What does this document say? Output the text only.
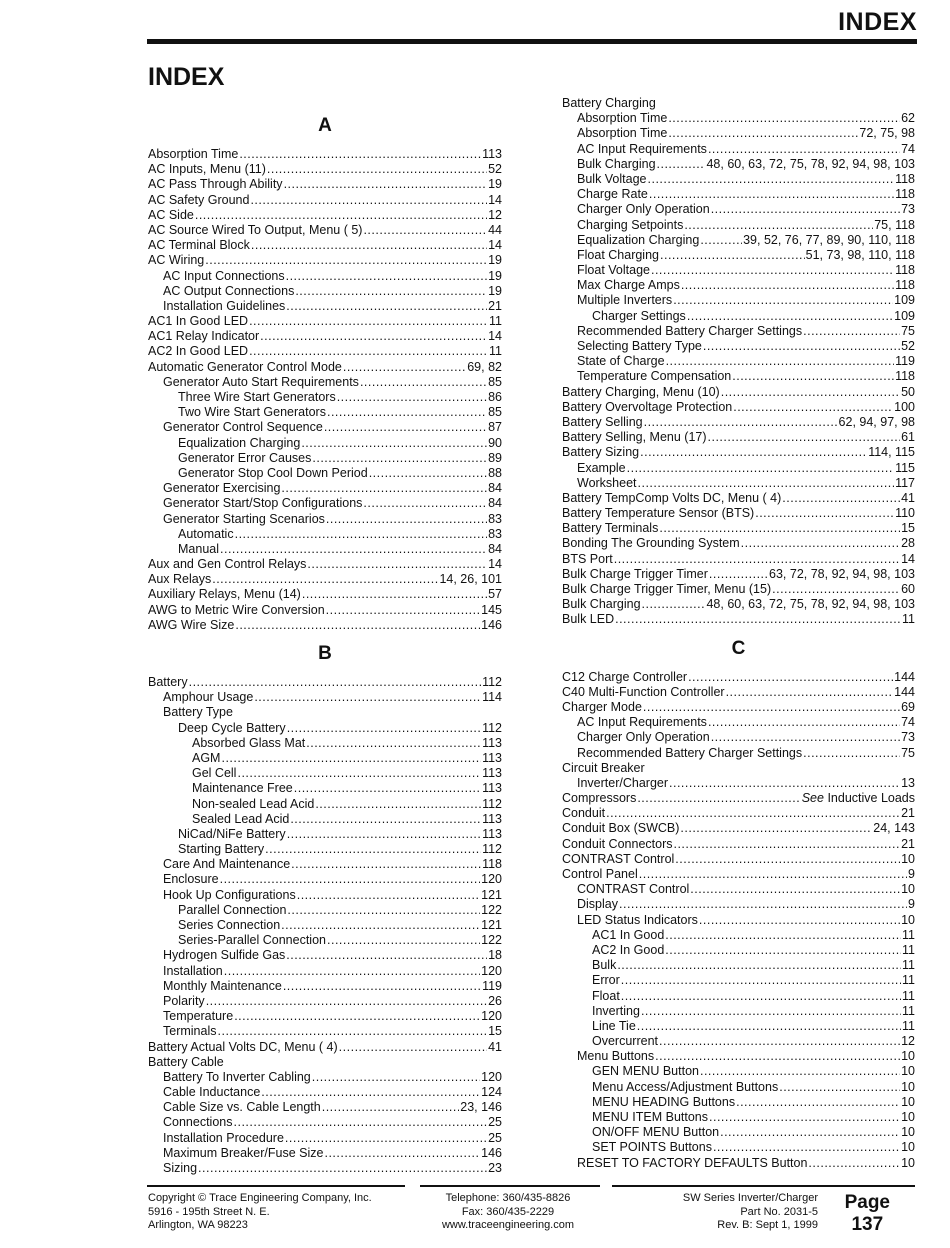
INDEX
INDEX
A
Absorption Time .....	113
AC Inputs, Menu (11) .....	52
AC Pass Through Ability .....	19
AC Safety Ground .....	14
AC Side .....	12
AC Source Wired To Output, Menu ( 5) .....	44
AC Terminal Block .....	14
AC Wiring .....	19
AC Input Connections .....	19
AC Output Connections .....	19
Installation Guidelines .....	21
AC1 In Good LED .....	11
AC1 Relay Indicator .....	14
AC2 In Good LED .....	11
Automatic Generator Control Mode .....	69, 82
Generator Auto Start Requirements .....	85
Three Wire Start Generators .....	86
Two Wire Start Generators .....	85
Generator Control Sequence .....	87
Equalization Charging .....	90
Generator Error Causes .....	89
Generator Stop Cool Down Period .....	88
Generator Exercising .....	84
Generator Start/Stop Configurations .....	84
Generator Starting Scenarios .....	83
Automatic .....	83
Manual .....	84
Aux and Gen Control Relays .....	14
Aux Relays .....	14, 26, 101
Auxiliary Relays, Menu (14) .....	57
AWG to Metric Wire Conversion .....	145
AWG Wire Size .....	146
B
Battery .....	112
Amphour Usage .....	114
Battery Type
Deep Cycle Battery .....	112
Absorbed Glass Mat .....	113
AGM .....	113
Gel Cell .....	113
Maintenance Free .....	113
Non-sealed Lead Acid .....	112
Sealed Lead Acid .....	113
NiCad/NiFe Battery .....	113
Starting Battery .....	112
Care And Maintenance .....	118
Enclosure .....	120
Hook Up Configurations .....	121
Parallel Connection .....	122
Series Connection .....	121
Series-Parallel Connection .....	122
Hydrogen Sulfide Gas .....	18
Installation .....	120
Monthly Maintenance .....	119
Polarity .....	26
Temperature .....	120
Terminals .....	15
Battery Actual Volts DC, Menu ( 4) .....	41
Battery Cable
Battery To Inverter Cabling .....	120
Cable Inductance .....	124
Cable Size vs. Cable Length .....	23, 146
Connections .....	25
Installation Procedure .....	25
Maximum Breaker/Fuse Size .....	146
Sizing .....	23
Battery Charging
Absorption Time .....	62
Absorption Time .....	72, 75, 98
AC Input Requirements .....	74
Bulk Charging .....	48, 60, 63, 72, 75, 78, 92, 94, 98, 103
Bulk Voltage .....	118
Charge Rate .....	118
Charger Only Operation .....	73
Charging Setpoints .....	75, 118
Equalization Charging .....	39, 52, 76, 77, 89, 90, 110, 118
Float Charging .....	51, 73, 98, 110, 118
Float Voltage .....	118
Max Charge Amps .....	118
Multiple Inverters .....	109
Charger Settings .....	109
Recommended Battery Charger Settings .....	75
Selecting Battery Type .....	52
State of Charge .....	119
Temperature Compensation .....	118
Battery Charging, Menu (10) .....	50
Battery Overvoltage Protection .....	100
Battery Selling .....	62, 94, 97, 98
Battery Selling, Menu (17) .....	61
Battery Sizing .....	114, 115
Example .....	115
Worksheet .....	117
Battery TempComp Volts DC, Menu ( 4) .....	41
Battery Temperature Sensor (BTS) .....	110
Battery Terminals .....	15
Bonding The Grounding System .....	28
BTS Port .....	14
Bulk Charge Trigger Timer .....	63, 72, 78, 92, 94, 98, 103
Bulk Charge Trigger Timer, Menu (15) .....	60
Bulk Charging .....	48, 60, 63, 72, 75, 78, 92, 94, 98, 103
Bulk LED .....	11
C
C12 Charge Controller .....	144
C40 Multi-Function Controller .....	144
Charger Mode .....	69
AC Input Requirements .....	74
Charger Only Operation .....	73
Recommended Battery Charger Settings .....	75
Circuit Breaker
Inverter/Charger .....	13
Compressors .....	See Inductive Loads
Conduit .....	21
Conduit Box (SWCB) .....	24, 143
Conduit Connectors .....	21
CONTRAST Control .....	10
Control Panel .....	9
CONTRAST Control .....	10
Display .....	9
LED Status Indicators .....	10
AC1 In Good .....	11
AC2 In Good .....	11
Bulk .....	11
Error .....	11
Float .....	11
Inverting .....	11
Line Tie .....	11
Overcurrent .....	12
Menu Buttons .....	10
GEN MENU Button .....	10
Menu Access/Adjustment Buttons .....	10
MENU HEADING Buttons .....	10
MENU ITEM Buttons .....	10
ON/OFF MENU Button .....	10
SET POINTS Buttons .....	10
RESET TO FACTORY DEFAULTS Button .....	10
Copyright © Trace Engineering Company, Inc.
5916 - 195th Street N. E.
Arlington, WA 98223
Telephone: 360/435-8826
Fax: 360/435-2229
www.traceengineering.com
SW Series Inverter/Charger
Part No. 2031-5
Rev. B: Sept 1, 1999
Page
137
